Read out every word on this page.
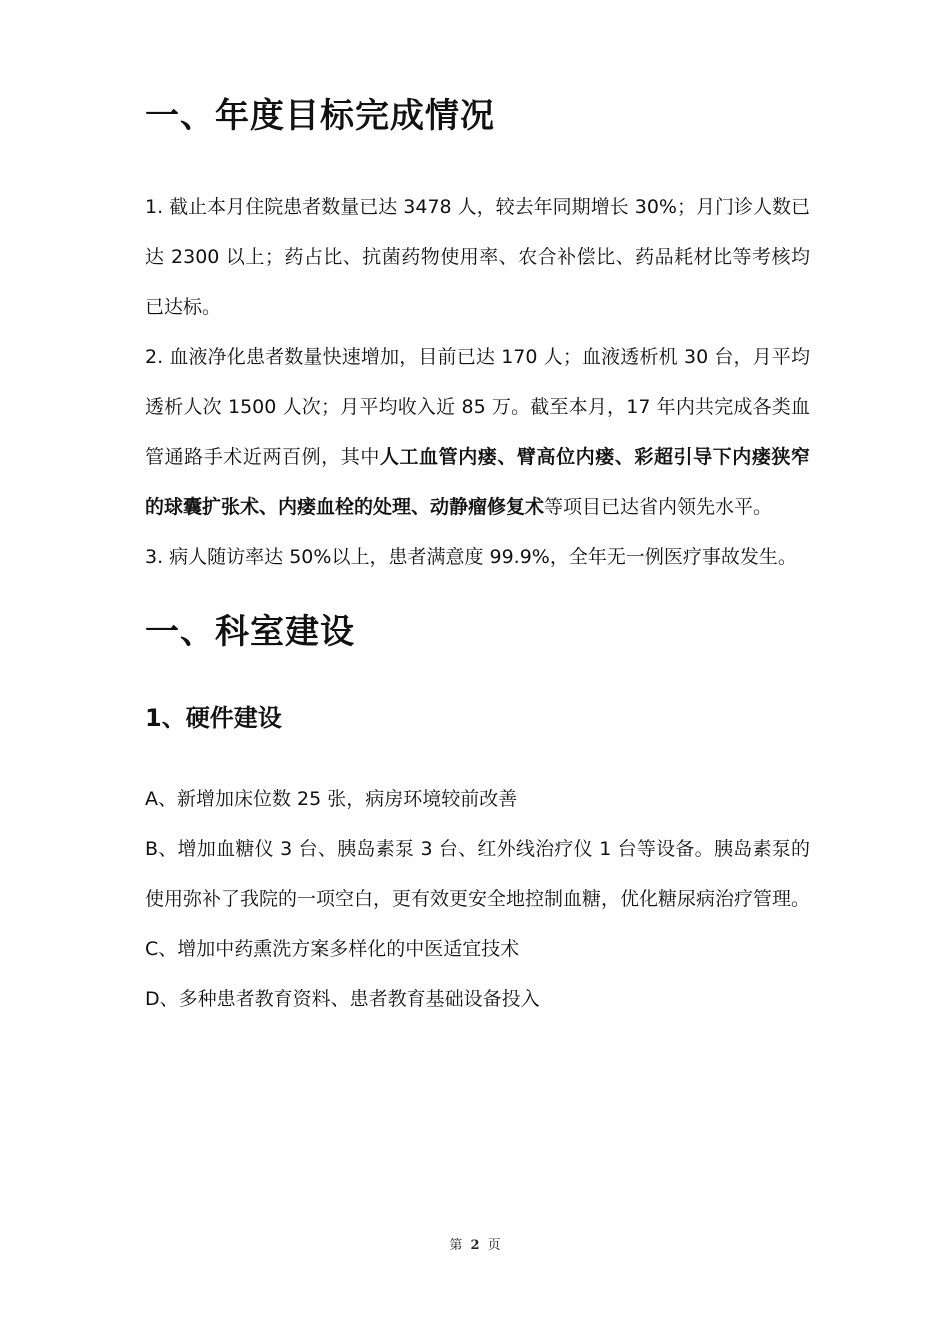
一、年度目标完成情况

1. 截止本月住院患者数量已达 3478 人，较去年同期增长 30%；月门诊人数已达 2300 以上；药占比、抗菌药物使用率、农合补偿比、药品耗材比等考核均已达标。

2. 血液净化患者数量快速增加，目前已达 170 人；血液透析机 30 台，月平均透析人次 1500 人次；月平均收入近 85 万。截至本月，17 年内共完成各类血管通路手术近两百例，其中人工血管内瘘、臂高位内瘘、彩超引导下内瘘狭窄的球囊扩张术、内瘘血栓的处理、动静瘤修复术等项目已达省内领先水平。

3. 病人随访率达 50%以上，患者满意度 99.9%，全年无一例医疗事故发生。

一、科室建设
1、硬件建设

A、新增加床位数 25 张，病房环境较前改善

B、增加血糖仪 3 台、胰岛素泵 3 台、红外线治疗仪 1 台等设备。胰岛素泵的使用弥补了我院的一项空白，更有效更安全地控制血糖，优化糖尿病治疗管理。

C、增加中药熏洗方案多样化的中医适宜技术

D、多种患者教育资料、患者教育基础设备投入

第 2 页
